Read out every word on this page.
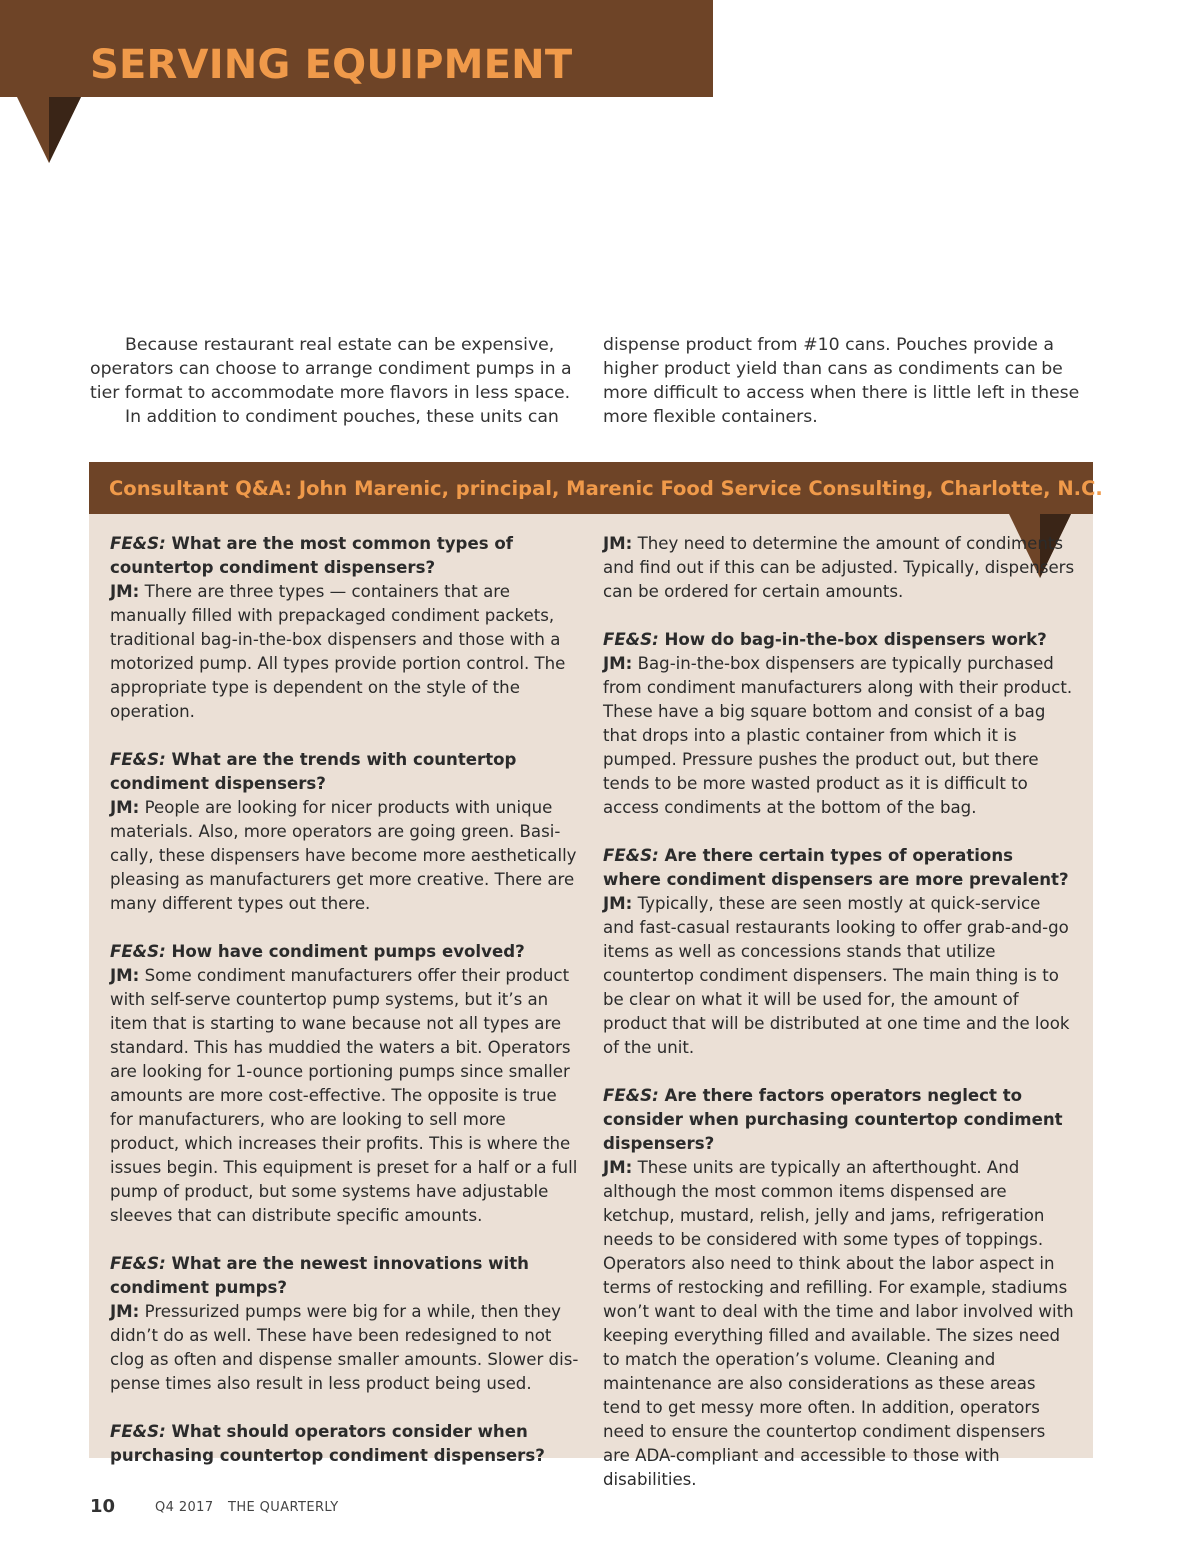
SERVING EQUIPMENT

Because restaurant real estate can be expensive, operators can choose to arrange condiment pumps in a tier format to accommodate more flavors in less space.

In addition to condiment pouches, these units can

dispense product from #10 cans. Pouches provide a higher product yield than cans as condiments can be more difficult to access when there is little left in these more flexible containers.

Consultant Q&A: John Marenic, principal, Marenic Food Service Consulting, Charlotte, N.C.
FE&S: What are the most common types of countertop condiment dispensers?
JM: There are three types — containers that are manually filled with prepackaged condiment packets, traditional bag-in-the-box dispensers and those with a motorized pump. All types provide portion control. The appropriate type is dependent on the style of the operation.
FE&S: What are the trends with countertop condiment dispensers?
JM: People are looking for nicer products with unique materials. Also, more operators are going green. Basically, these dispensers have become more aesthetically pleasing as manufacturers get more creative. There are many different types out there.
FE&S: How have condiment pumps evolved?
JM: Some condiment manufacturers offer their product with self-serve countertop pump systems, but it’s an item that is starting to wane because not all types are standard. This has muddied the waters a bit. Operators are looking for 1-ounce portioning pumps since smaller amounts are more cost-effective. The opposite is true for manufacturers, who are looking to sell more product, which increases their profits. This is where the issues begin. This equipment is preset for a half or a full pump of product, but some systems have adjustable sleeves that can distribute specific amounts.
FE&S: What are the newest innovations with condiment pumps?
JM: Pressurized pumps were big for a while, then they didn’t do as well. These have been redesigned to not clog as often and dispense smaller amounts. Slower dispense times also result in less product being used.
FE&S: What should operators consider when purchasing countertop condiment dispensers?
JM: They need to determine the amount of condiments and find out if this can be adjusted. Typically, dispensers can be ordered for certain amounts.
FE&S: How do bag-in-the-box dispensers work?
JM: Bag-in-the-box dispensers are typically purchased from condiment manufacturers along with their product. These have a big square bottom and consist of a bag that drops into a plastic container from which it is pumped. Pressure pushes the product out, but there tends to be more wasted product as it is difficult to access condiments at the bottom of the bag.
FE&S: Are there certain types of operations where condiment dispensers are more prevalent?
JM: Typically, these are seen mostly at quick-service and fast-casual restaurants looking to offer grab-and-go items as well as concessions stands that utilize countertop condiment dispensers. The main thing is to be clear on what it will be used for, the amount of product that will be distributed at one time and the look of the unit.
FE&S: Are there factors operators neglect to consider when purchasing countertop condiment dispensers?
JM: These units are typically an afterthought. And although the most common items dispensed are ketchup, mustard, relish, jelly and jams, refrigeration needs to be considered with some types of toppings. Operators also need to think about the labor aspect in terms of restocking and refilling. For example, stadiums won’t want to deal with the time and labor involved with keeping everything filled and available. The sizes need to match the operation’s volume. Cleaning and maintenance are also considerations as these areas tend to get messy more often. In addition, operators need to ensure the countertop condiment dispensers are ADA-compliant and accessible to those with disabilities.
10	Q4 2017 THE QUARTERLY
